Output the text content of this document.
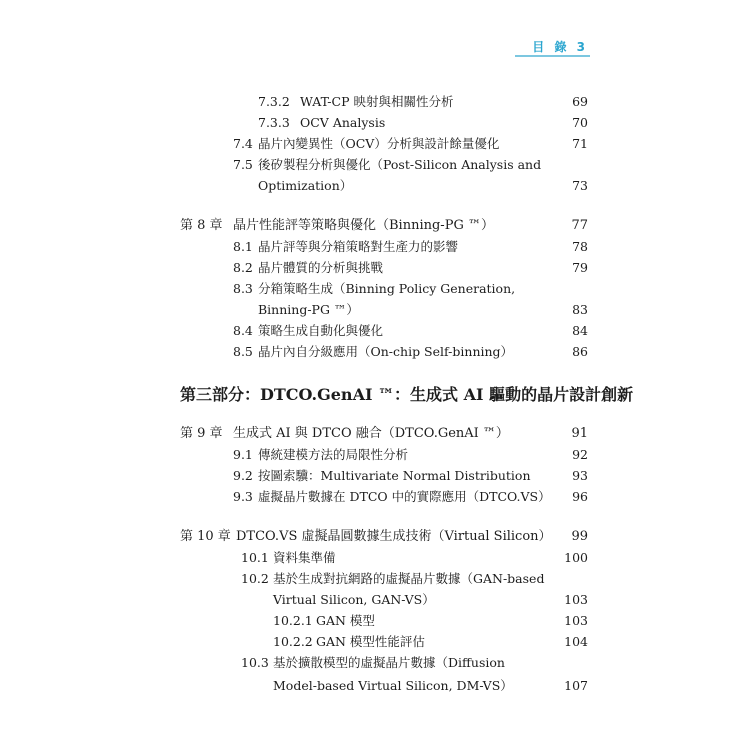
目 錄 3
7.3.2 WAT-CP 映射與相關性分析	69
7.3.3 OCV Analysis	70
7.4 晶片內變異性（OCV）分析與設計餘量優化	71
7.5 後矽製程分析與優化（Post-Silicon Analysis and
Optimization）	73
第 8 章 晶片性能評等策略與優化（Binning-PG ™）	77
8.1 晶片評等與分箱策略對生產力的影響	78
8.2 晶片體質的分析與挑戰	79
8.3 分箱策略生成（Binning Policy Generation,
Binning-PG ™）	83
8.4 策略生成自動化與優化	84
8.5 晶片內自分級應用（On-chip Self-binning）	86
第三部分：DTCO.GenAI ™：生成式 AI 驅動的晶片設計創新
第 9 章 生成式 AI 與 DTCO 融合（DTCO.GenAI ™）	91
9.1 傳統建模方法的局限性分析	92
9.2 按圖索驥：Multivariate Normal Distribution	93
9.3 虛擬晶片數據在 DTCO 中的實際應用（DTCO.VS） 96
第 10 章 DTCO.VS 虛擬晶圓數據生成技術（Virtual Silicon） 99
10.1 資料集準備	100
10.2 基於生成對抗網路的虛擬晶片數據（GAN-based
Virtual Silicon, GAN-VS）	103
10.2.1 GAN 模型	103
10.2.2 GAN 模型性能評估	104
10.3 基於擴散模型的虛擬晶片數據（Diffusion
Model-based Virtual Silicon, DM-VS）	107
